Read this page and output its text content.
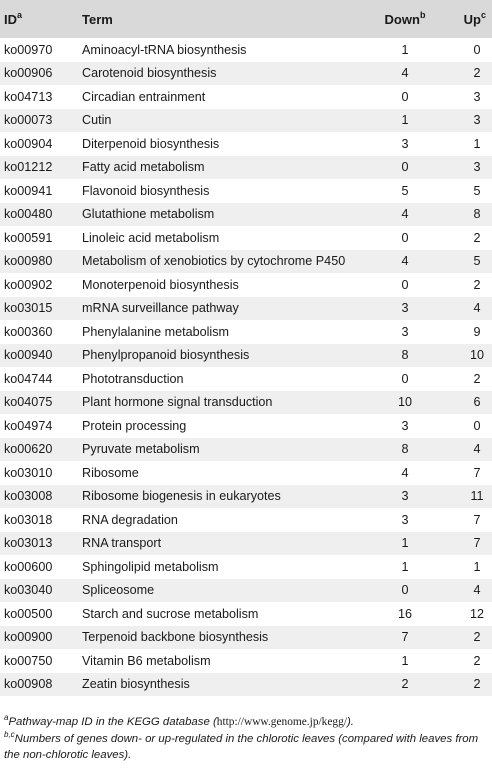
$ID^a$	Term	Down$^b$	Up$^c$
ko00970	Aminoacyl-tRNA biosynthesis	1	0
ko00906	Carotenoid biosynthesis	4	2
ko04713	Circadian entrainment	0	3
ko00073	Cutin	1	3
ko00904	Diterpenoid biosynthesis	3	1
ko01212	Fatty acid metabolism	0	3
ko00941	Flavonoid biosynthesis	5	5
ko00480	Glutathione metabolism	4	8
ko00591	Linoleic acid metabolism	0	2
ko00980	Metabolism of xenobiotics by cytochrome P450	4	5
ko00902	Monoterpenoid biosynthesis	0	2
ko03015	mRNA surveillance pathway	3	4
ko00360	Phenylalanine metabolism	3	9
ko00940	Phenylpropanoid biosynthesis	8	10
ko04744	Phototransduction	0	2
ko04075	Plant hormone signal transduction	10	6
ko04974	Protein processing	3	0
ko00620	Pyruvate metabolism	8	4
ko03010	Ribosome	4	7
ko03008	Ribosome biogenesis in eukaryotes	3	11
ko03018	RNA degradation	3	7
ko03013	RNA transport	1	7
ko00600	Sphingolipid metabolism	1	1
ko03040	Spliceosome	0	4
ko00500	Starch and sucrose metabolism	16	12
ko00900	Terpenoid backbone biosynthesis	7	2
ko00750	Vitamin B6 metabolism	1	2
ko00908	Zeatin biosynthesis	2	2

$^a$Pathway-map ID in the KEGG database (http://www.genome.jp/kegg/).

$^{b,c}$Numbers of genes down- or up-regulated in the chlorotic leaves (compared with leaves from the non-chlorotic leaves).
